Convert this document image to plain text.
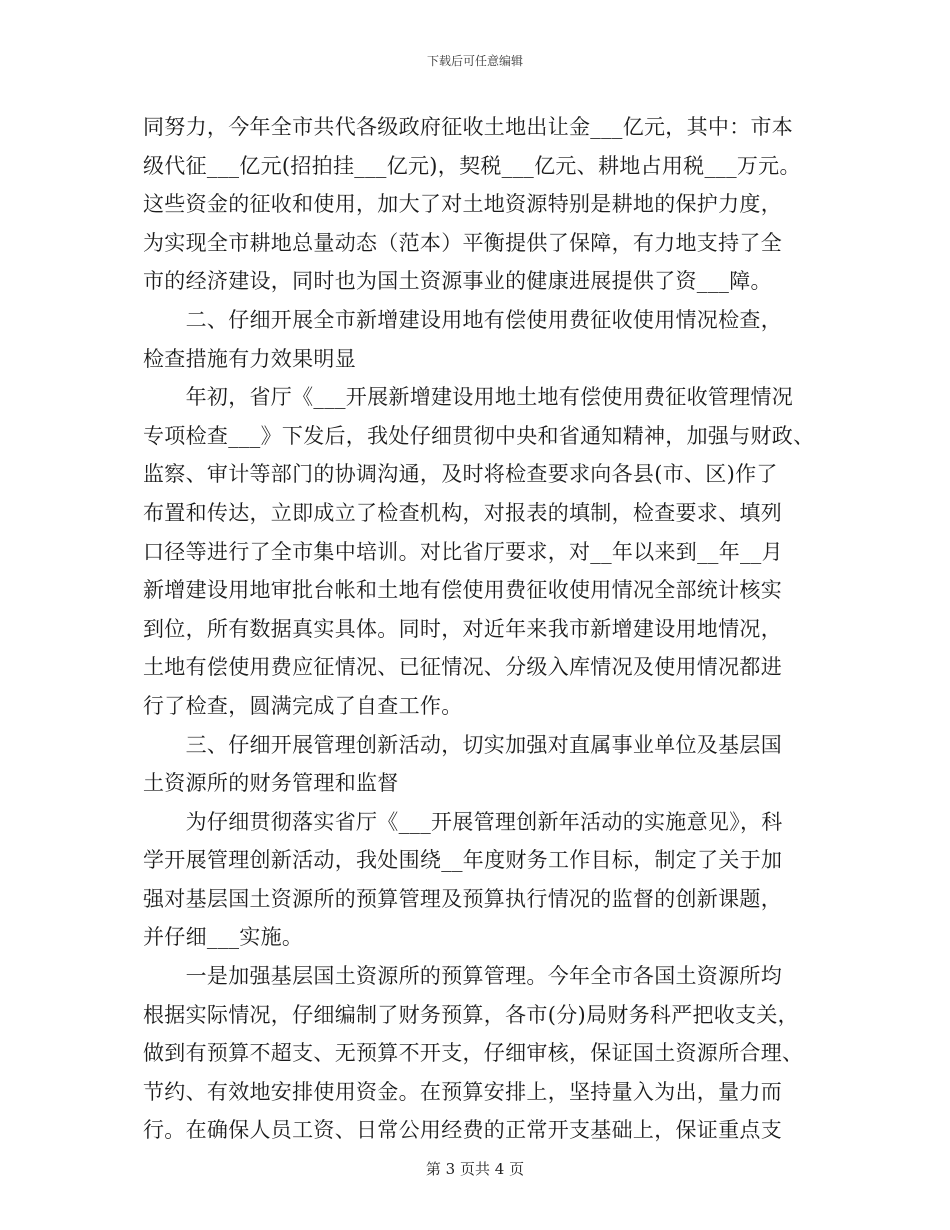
下载后可任意编辑
同努力，今年全市共代各级政府征收土地出让金___亿元，其中：市本
级代征___亿元(招拍挂___亿元)，契税___亿元、耕地占用税___万元。
这些资金的征收和使用，加大了对土地资源特别是耕地的保护力度，
为实现全市耕地总量动态（范本）平衡提供了保障，有力地支持了全
市的经济建设，同时也为国土资源事业的健康进展提供了资___障。
　　二、仔细开展全市新增建设用地有偿使用费征收使用情况检查，
检查措施有力效果明显
　　年初，省厅《___开展新增建设用地土地有偿使用费征收管理情况
专项检查___》下发后，我处仔细贯彻中央和省通知精神，加强与财政、
监察、审计等部门的协调沟通，及时将检查要求向各县(市、区)作了
布置和传达，立即成立了检查机构，对报表的填制，检查要求、填列
口径等进行了全市集中培训。对比省厅要求，对__年以来到__年__月
新增建设用地审批台帐和土地有偿使用费征收使用情况全部统计核实
到位，所有数据真实具体。同时，对近年来我市新增建设用地情况，
土地有偿使用费应征情况、已征情况、分级入库情况及使用情况都进
行了检查，圆满完成了自查工作。
　　三、仔细开展管理创新活动，切实加强对直属事业单位及基层国
土资源所的财务管理和监督
　　为仔细贯彻落实省厅《___开展管理创新年活动的实施意见》，科
学开展管理创新活动，我处围绕__年度财务工作目标，制定了关于加
强对基层国土资源所的预算管理及预算执行情况的监督的创新课题，
并仔细___实施。
　　一是加强基层国土资源所的预算管理。今年全市各国土资源所均
根据实际情况，仔细编制了财务预算，各市(分)局财务科严把收支关，
做到有预算不超支、无预算不开支，仔细审核，保证国土资源所合理、
节约、有效地安排使用资金。在预算安排上，坚持量入为出，量力而
行。在确保人员工资、日常公用经费的正常开支基础上，保证重点支
第 3 页共 4 页
